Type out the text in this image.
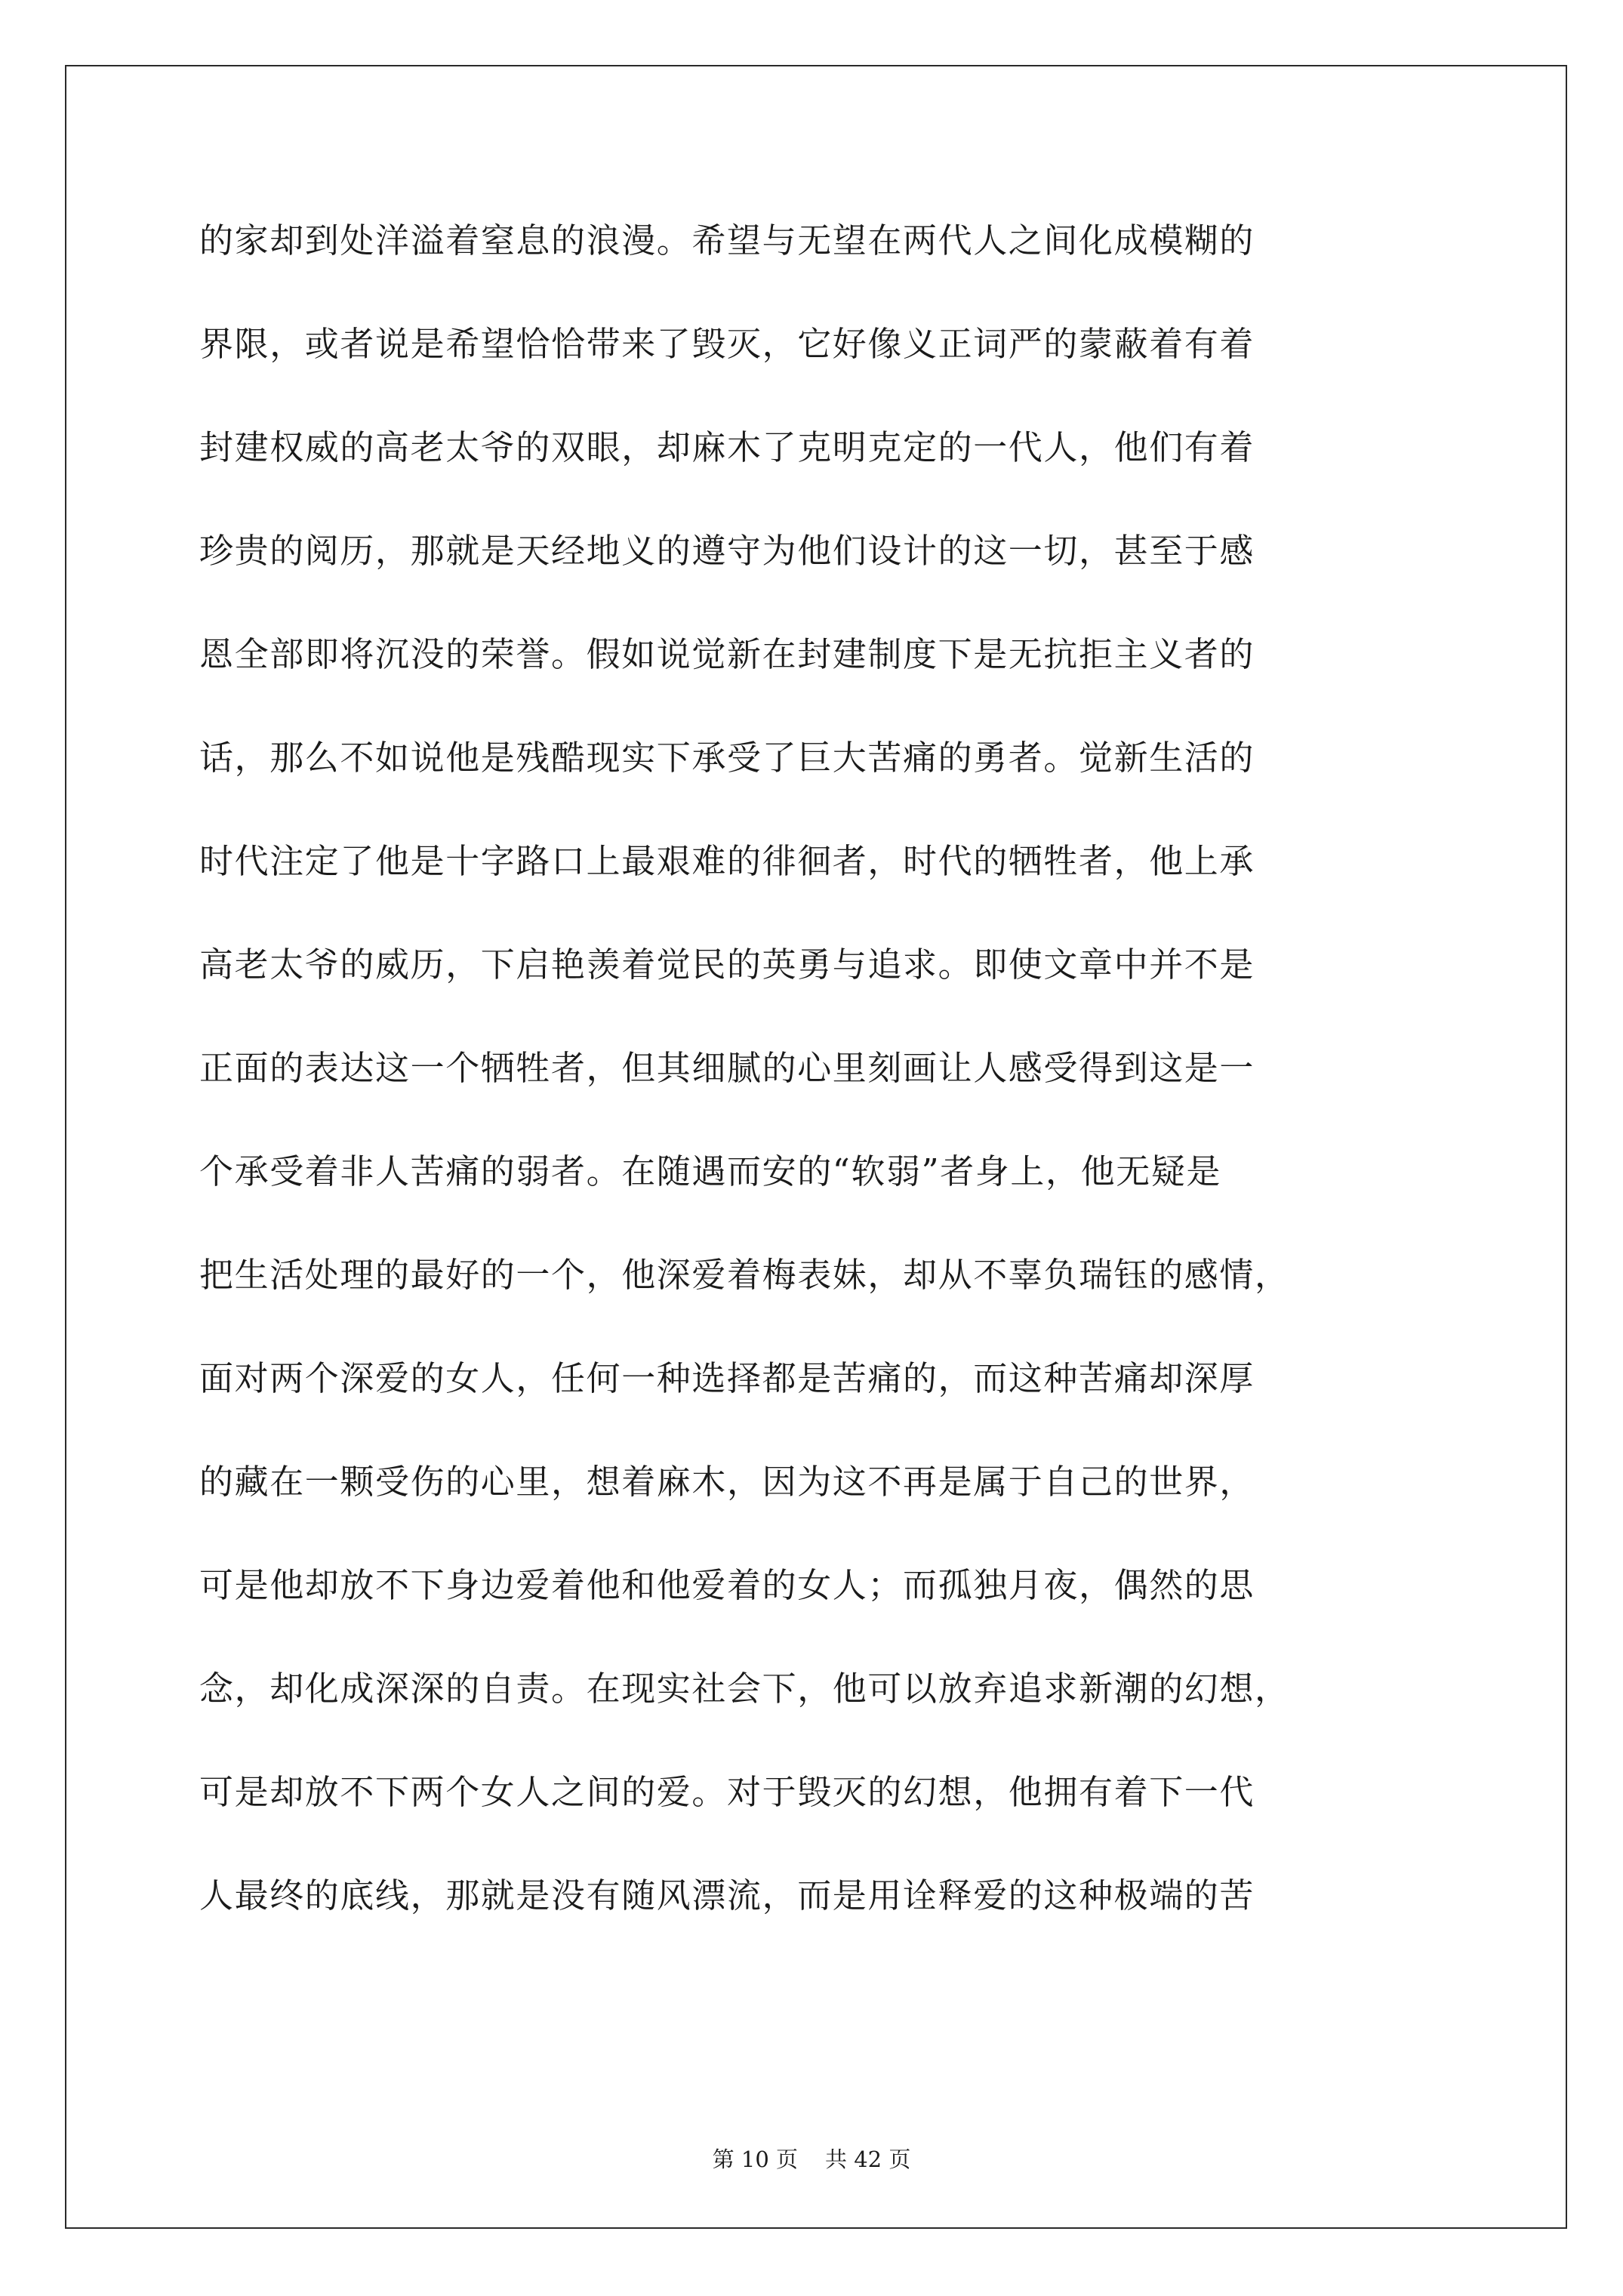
的家却到处洋溢着窒息的浪漫。希望与无望在两代人之间化成模糊的
界限，或者说是希望恰恰带来了毁灭，它好像义正词严的蒙蔽着有着
封建权威的高老太爷的双眼，却麻木了克明克定的一代人，他们有着
珍贵的阅历，那就是天经地义的遵守为他们设计的这一切，甚至于感
恩全部即将沉没的荣誉。假如说觉新在封建制度下是无抗拒主义者的
话，那么不如说他是残酷现实下承受了巨大苦痛的勇者。觉新生活的
时代注定了他是十字路口上最艰难的徘徊者，时代的牺牲者，他上承
高老太爷的威历，下启艳羡着觉民的英勇与追求。即使文章中并不是
正面的表达这一个牺牲者，但其细腻的心里刻画让人感受得到这是一
个承受着非人苦痛的弱者。在随遇而安的“软弱”者身上，他无疑是
把生活处理的最好的一个，他深爱着梅表妹，却从不辜负瑞钰的感情，
面对两个深爱的女人，任何一种选择都是苦痛的，而这种苦痛却深厚
的藏在一颗受伤的心里，想着麻木，因为这不再是属于自己的世界，
可是他却放不下身边爱着他和他爱着的女人；而孤独月夜，偶然的思
念，却化成深深的自责。在现实社会下，他可以放弃追求新潮的幻想，
可是却放不下两个女人之间的爱。对于毁灭的幻想，他拥有着下一代
人最终的底线，那就是没有随风漂流，而是用诠释爱的这种极端的苦
第 10 页 共 42 页
